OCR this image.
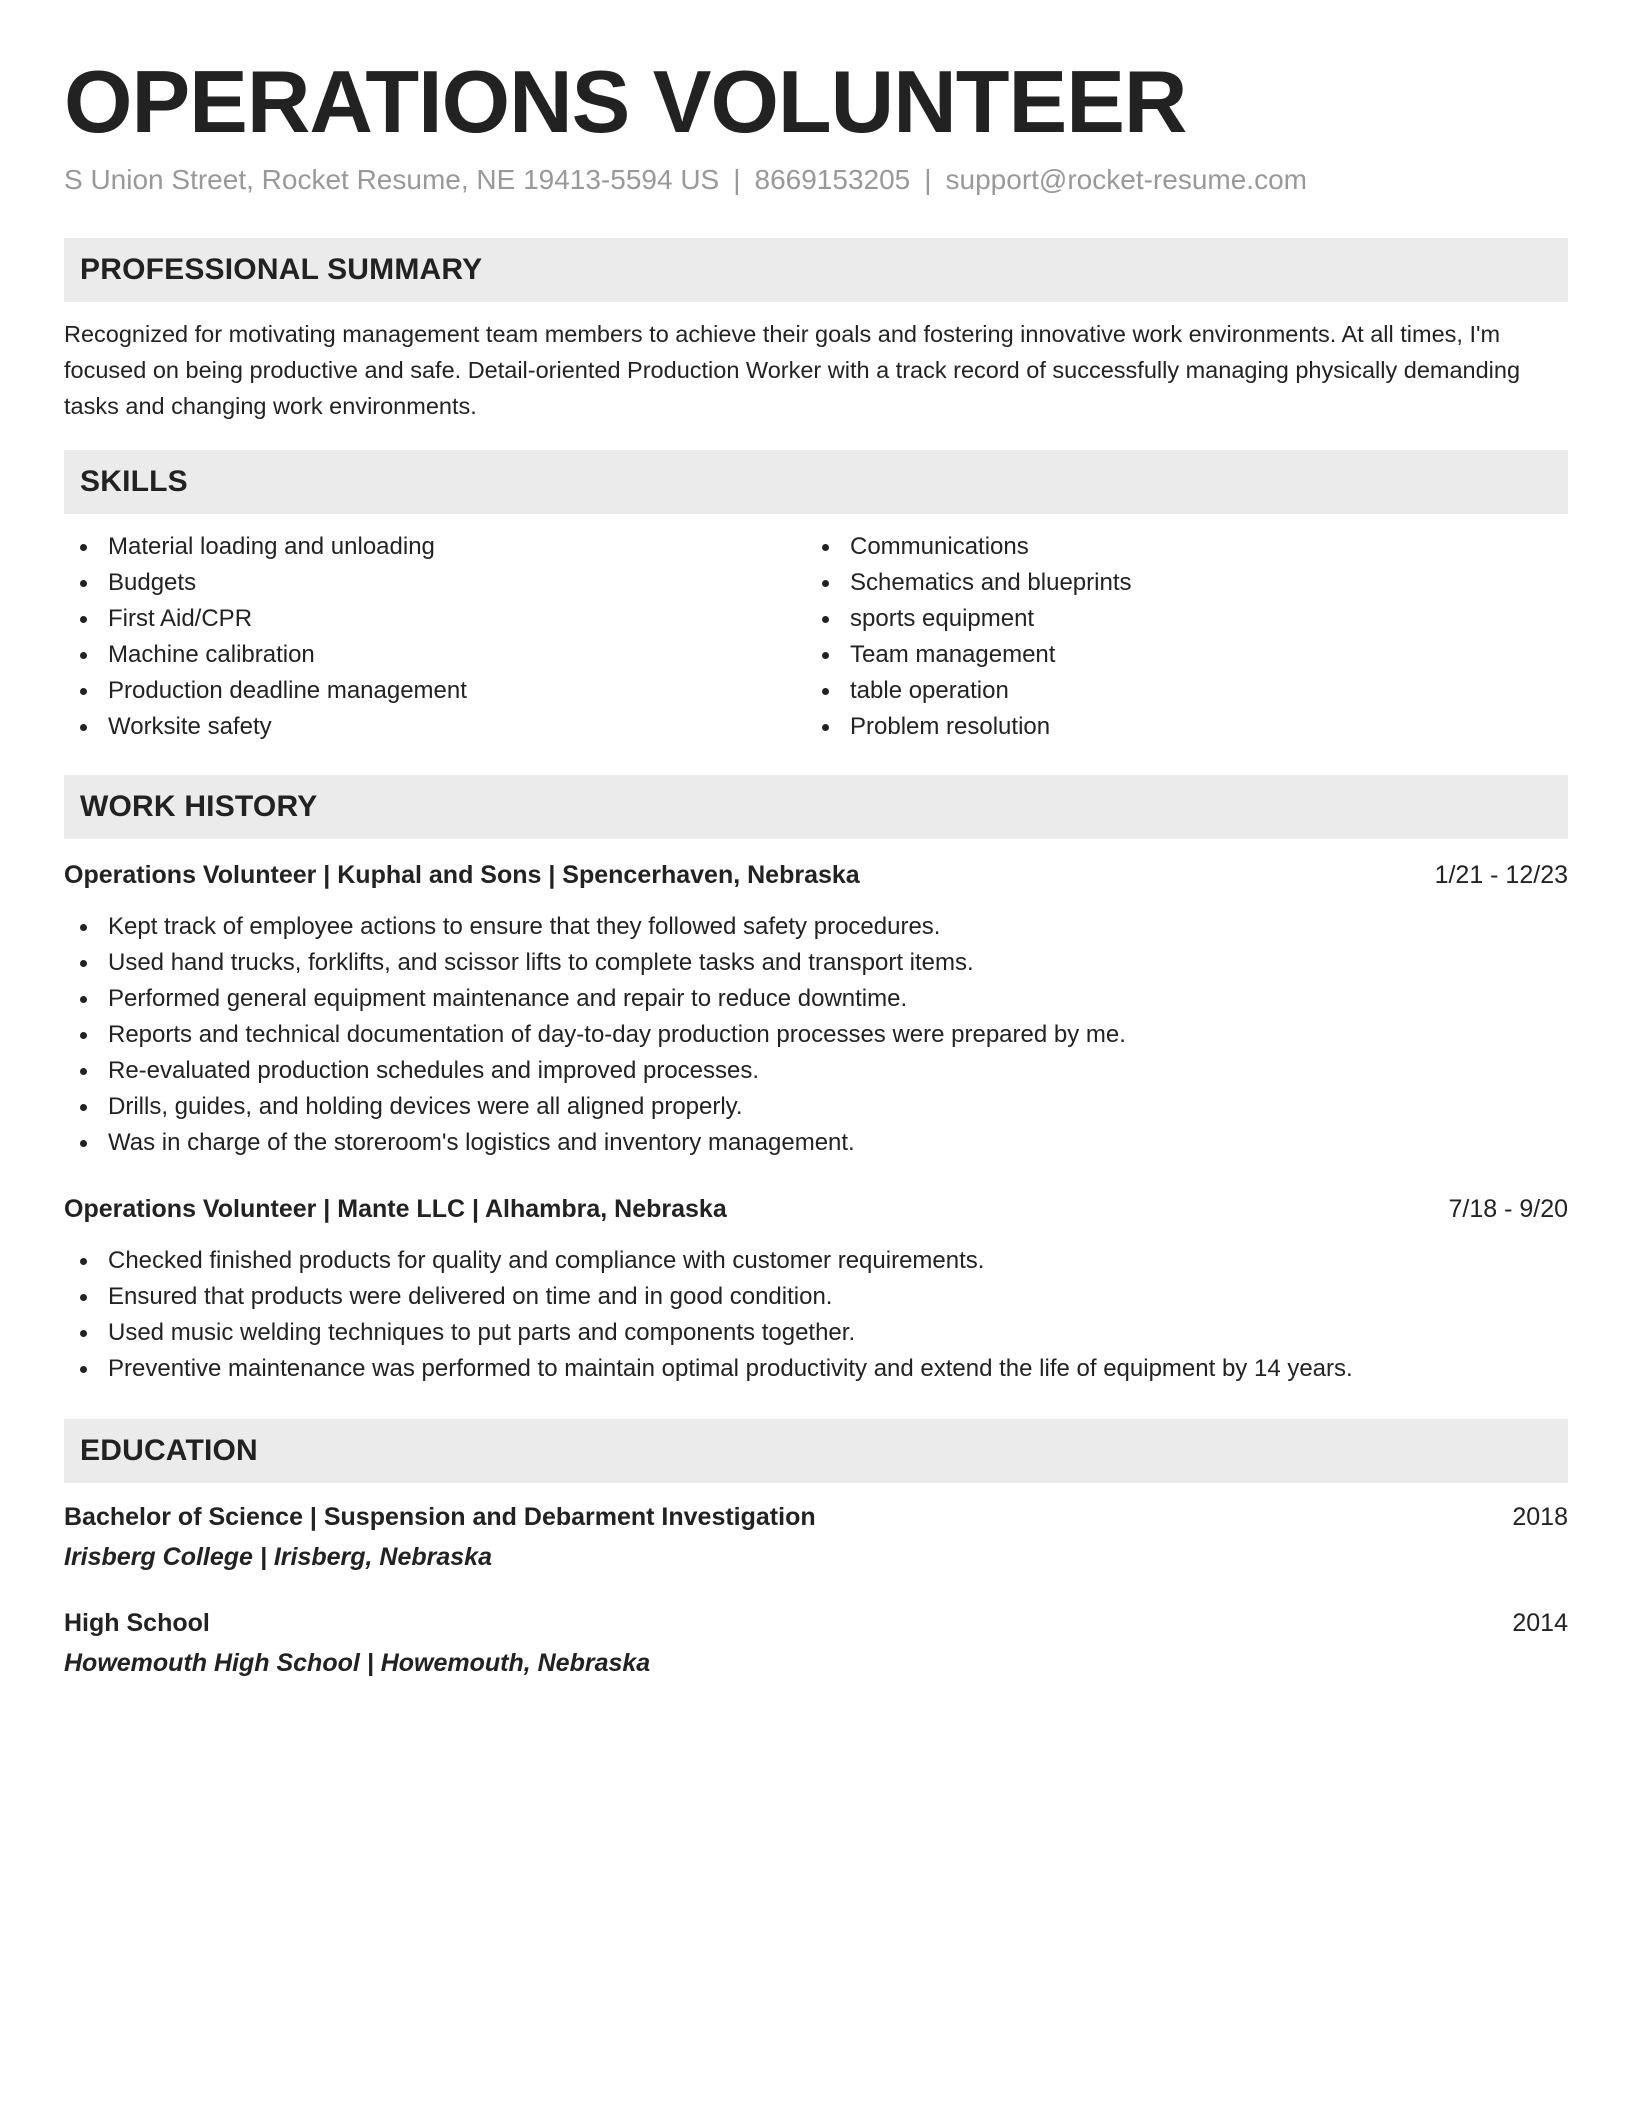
OPERATIONS VOLUNTEER
S Union Street, Rocket Resume, NE 19413-5594 US | 8669153205 | support@rocket-resume.com
PROFESSIONAL SUMMARY

Recognized for motivating management team members to achieve their goals and fostering innovative work environments. At all times, I'm focused on being productive and safe. Detail-oriented Production Worker with a track record of successfully managing physically demanding tasks and changing work environments.

SKILLS
Material loading and unloading
Budgets
First Aid/CPR
Machine calibration
Production deadline management
Worksite safety
Communications
Schematics and blueprints
sports equipment
Team management
table operation
Problem resolution
WORK HISTORY
Operations Volunteer | Kuphal and Sons | Spencerhaven, Nebraska	1/21 - 12/23
Kept track of employee actions to ensure that they followed safety procedures.
Used hand trucks, forklifts, and scissor lifts to complete tasks and transport items.
Performed general equipment maintenance and repair to reduce downtime.
Reports and technical documentation of day-to-day production processes were prepared by me.
Re-evaluated production schedules and improved processes.
Drills, guides, and holding devices were all aligned properly.
Was in charge of the storeroom's logistics and inventory management.
Operations Volunteer | Mante LLC | Alhambra, Nebraska	7/18 - 9/20
Checked finished products for quality and compliance with customer requirements.
Ensured that products were delivered on time and in good condition.
Used music welding techniques to put parts and components together.
Preventive maintenance was performed to maintain optimal productivity and extend the life of equipment by 14 years.
EDUCATION
Bachelor of Science | Suspension and Debarment Investigation	2018
Irisberg College | Irisberg, Nebraska
High School	2014
Howemouth High School | Howemouth, Nebraska
